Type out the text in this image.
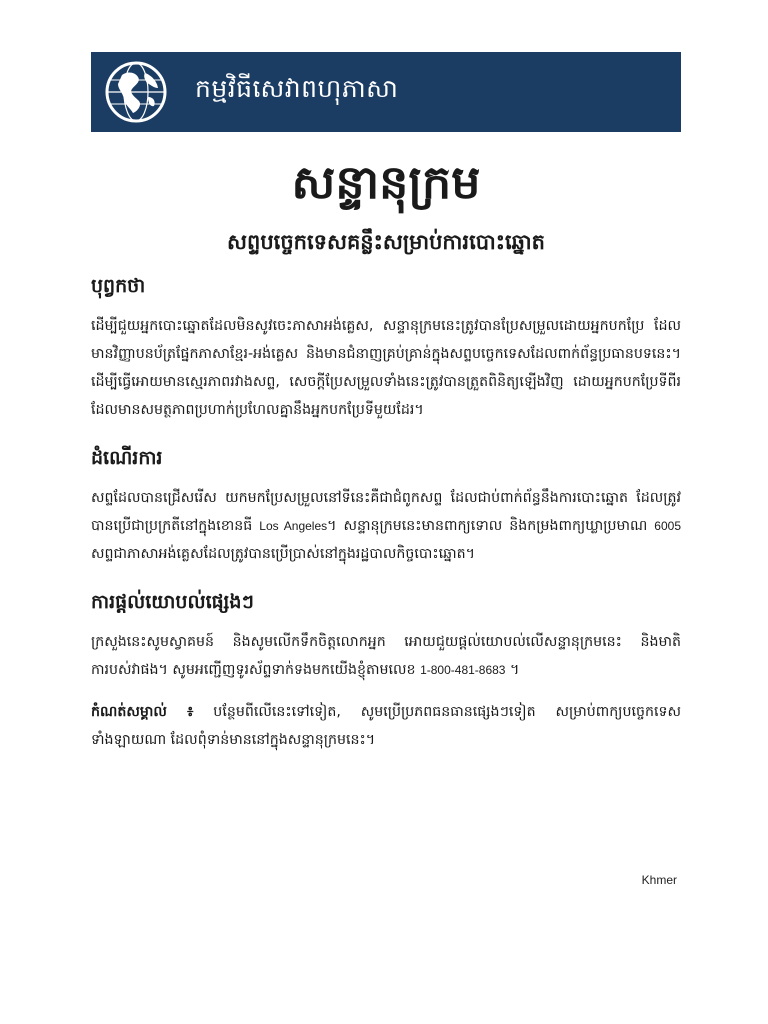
កម្មវិធីសេវាពហុភាសា
សន្ទានុក្រម
សព្ទបច្ចេកទេសគន្លឹះសម្រាប់ការបោះឆ្នោត
បុព្វកថា

ដើម្បីជួយអ្នកបោះឆ្នោតដែលមិនសូវចេះភាសាអង់គ្លេស, សន្ទានុក្រមនេះត្រូវបានប្រែសម្រួលដោយអ្នកបកប្រែ ដែលមានវិញ្ញាបនប័ត្រផ្នែកភាសាខ្មែរ-អង់គ្លេស និងមានជំនាញគ្រប់គ្រាន់ក្នុងសព្ទបច្ចេកទេសដែលពាក់ព័ន្ធប្រធានបទនេះ។ ដើម្បីធ្វើអោយមានស្មេរភាពរវាងសព្ទ, សេចក្តីប្រែសម្រួលទាំងនេះត្រូវបានត្រួតពិនិត្យឡើងវិញ ដោយអ្នកបកប្រែទីពីរដែលមានសមត្ថភាពប្រហាក់ប្រហែលគ្នានឹងអ្នកបកប្រែទីមួយដែរ។

ដំណើរការ

សព្ទដែលបានជ្រើសរើស យកមកប្រែសម្រួលនៅទីនេះគឺជាជំពូកសព្ទ ដែលជាប់ពាក់ព័ន្ធនឹងការបោះឆ្នោត ដែលត្រូវបានប្រើជាប្រក្រតីនៅក្នុងខោនធី Los Angeles។ សន្ទានុក្រមនេះមានពាក្យទោល និងកម្រងពាក្យឃ្លាប្រមាណ 6005 សព្ទជាភាសាអង់គ្លេសដែលត្រូវបានប្រើប្រាស់នៅក្នុងរដ្ឋបាលកិច្ចបោះឆ្នោត។

ការផ្តល់យោបល់ផ្សេងៗ

ក្រសួងនេះសូមស្វាគមន៍ និងសូមលើកទឹកចិត្តលោកអ្នក អោយជួយផ្តល់យោបល់លើសន្ទានុក្រមនេះ និងមាតិការបស់វាផង។ សូមអញ្ជើញទូរស័ព្ទទាក់ទងមកយើងខ្ញុំតាមលេខ 1-800-481-8683 ។

កំណត់សម្គាល់ ៖ បន្ថែមពីលើនេះទៅទៀត, សូមប្រើប្រភពធនធានផ្សេងៗទៀត សម្រាប់ពាក្យបច្ចេកទេសទាំងឡាយណា ដែលពុំទាន់មាននៅក្នុងសន្ទានុក្រមនេះ។

Khmer
